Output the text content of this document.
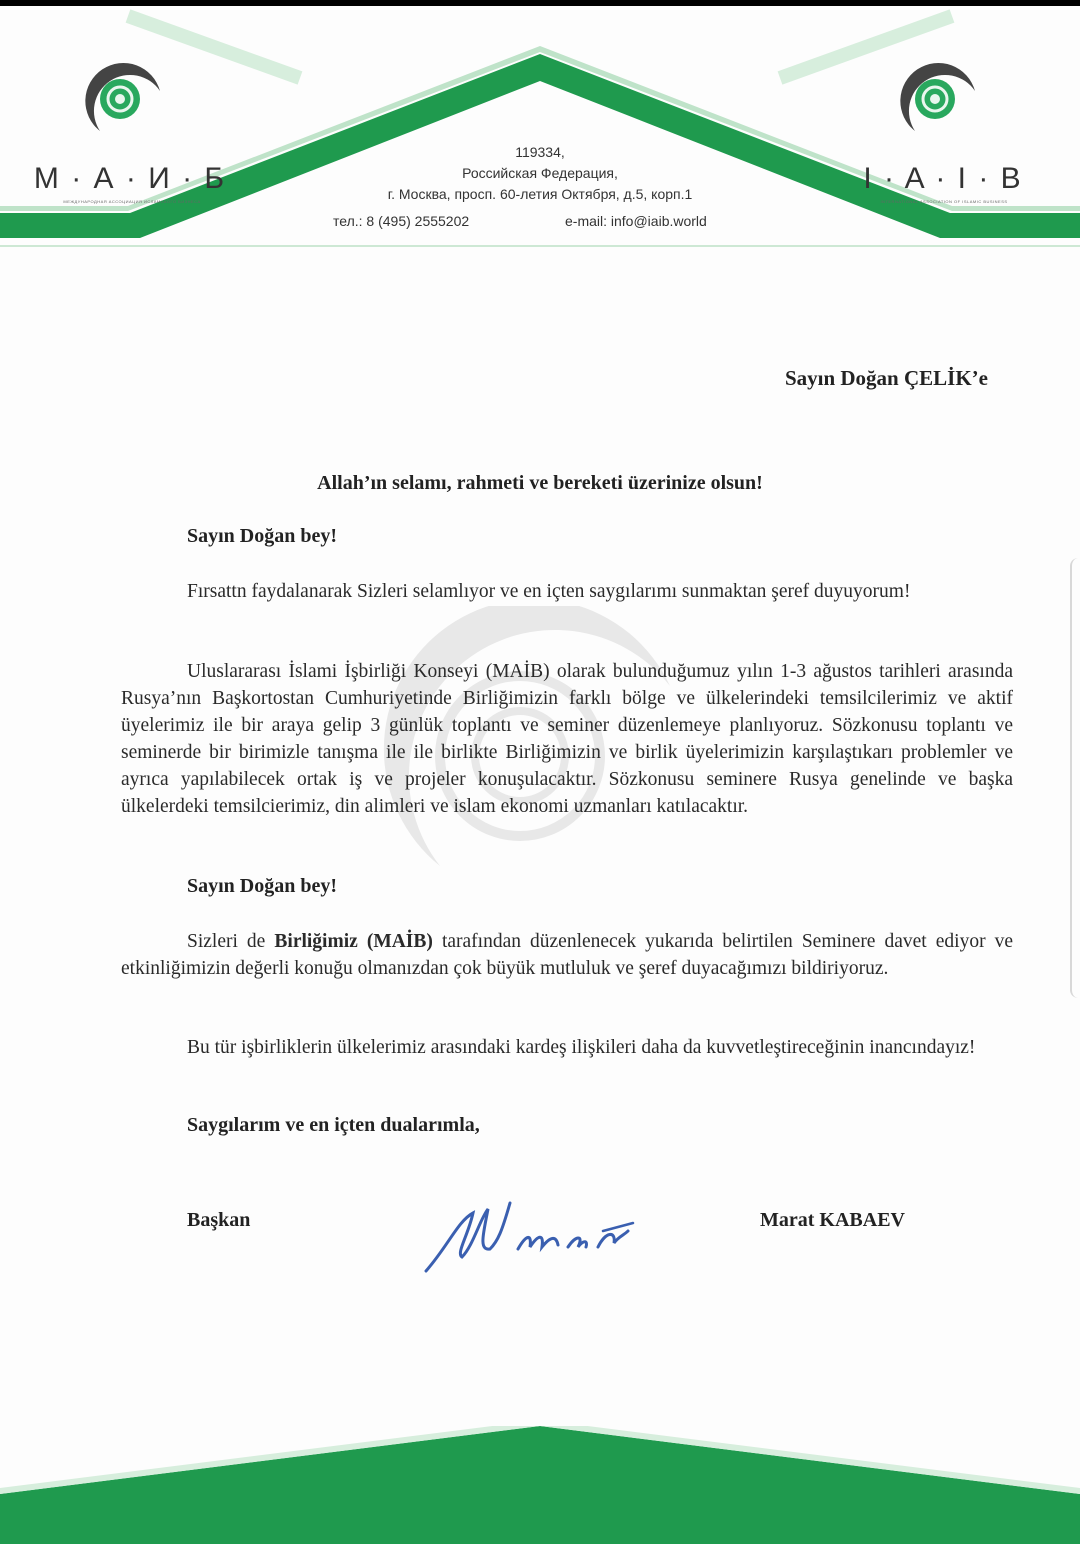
М · А · И · Б
МЕЖДУНАРОДНАЯ АССОЦИАЦИЯ ИСЛАМСКОГО БИЗНЕСА
I · A · I · B
INTERNATIONAL ASSOCIATION OF ISLAMIC BUSINESS
119334,
Российская Федерация,
г. Москва, просп. 60-летия Октября, д.5, корп.1
тел.: 8 (495) 2555202	e-mail: info@iaib.world
Sayın Doğan ÇELİK’e
Allah’ın selamı, rahmeti ve bereketi üzerinize olsun!
Sayın Doğan bey!
Fırsattn faydalanarak Sizleri selamlıyor ve en içten saygılarımı sunmaktan şeref duyuyorum!
Uluslararası İslami İşbirliği Konseyi (MAİB) olarak bulunduğumuz yılın 1-3 ağustos tarihleri arasında Rusya’nın Başkortostan Cumhuriyetinde Birliğimizin farklı bölge ve ülkelerindeki temsilcilerimiz ve aktif üyelerimiz ile bir araya gelip 3 günlük toplantı ve seminer düzenlemeye planlıyoruz. Sözkonusu toplantı ve seminerde bir birimizle tanışma ile ile birlikte Birliğimizin ve birlik üyelerimizin karşılaştıkarı problemler ve ayrıca yapılabilecek ortak iş ve projeler konuşulacaktır. Sözkonusu seminere Rusya genelinde ve başka ülkelerdeki temsilcierimiz, din alimleri ve islam ekonomi uzmanları katılacaktır.
Sayın Doğan bey!
Sizleri de Birliğimiz (MAİB) tarafından düzenlenecek yukarıda belirtilen Seminere davet ediyor ve etkinliğimizin değerli konuğu olmanızdan çok büyük mutluluk ve şeref duyacağımızı bildiriyoruz.
Bu tür işbirliklerin ülkelerimiz arasındaki kardeş ilişkileri daha da kuvvetleştireceğinin inancındayız!
Saygılarım ve en içten dualarımla,
Başkan	Marat KABAEV
